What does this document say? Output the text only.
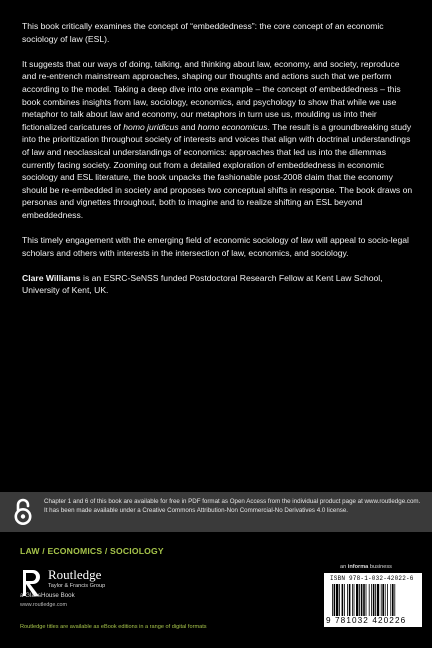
This book critically examines the concept of “embeddedness”: the core concept of an economic sociology of law (ESL).

It suggests that our ways of doing, talking, and thinking about law, economy, and society, reproduce and re-entrench mainstream approaches, shaping our thoughts and actions such that we perform according to the model. Taking a deep dive into one example – the concept of embeddedness – this book combines insights from law, sociology, economics, and psychology to show that while we use metaphor to talk about law and economy, our metaphors in turn use us, moulding us into their fictionalized caricatures of homo juridicus and homo economicus. The result is a groundbreaking study into the prioritization throughout society of interests and voices that align with doctrinal understandings of law and neoclassical understandings of economics: approaches that led us into the dilemmas currently facing society. Zooming out from a detailed exploration of embeddedness in economic sociology and ESL literature, the book unpacks the fashionable post-2008 claim that the economy should be re-embedded in society and proposes two conceptual shifts in response. The book draws on personas and vignettes throughout, both to imagine and to realize shifting an ESL beyond embeddedness.

This timely engagement with the emerging field of economic sociology of law will appeal to socio-legal scholars and others with interests in the intersection of law, economics, and sociology.

Clare Williams is an ESRC-SeNSS funded Postdoctoral Research Fellow at Kent Law School, University of Kent, UK.

Chapter 1 and 6 of this book are available for free in PDF format as Open Access from the individual product page at www.routledge.com. It has been made available under a Creative Commons Attribution-Non Commercial-No Derivatives 4.0 license.
LAW / ECONOMICS / SOCIOLOGY
Routledge
Taylor & Francis Group
a GlassHouse Book
www.routledge.com
an informa business
ISBN 978-1-032-42022-6
9 781032 420226
Routledge titles are available as eBook editions in a range of digital formats
